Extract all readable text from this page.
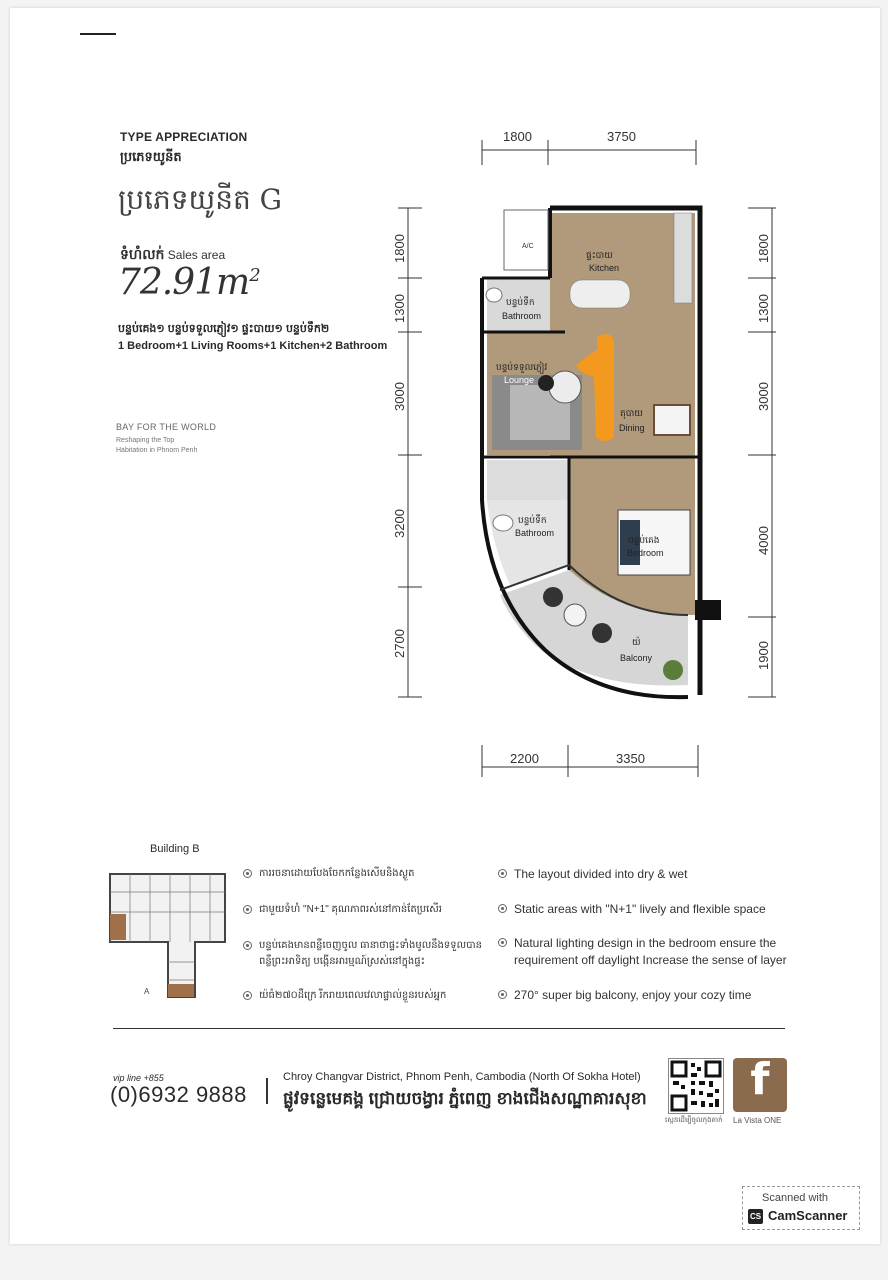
TYPE APPRECIATION
ប្រភេទយូនីត
ប្រភេទយូនីត G
ទំហំលក់ Sales area
$72.91m^2$
បន្ទប់គេង១ បន្ទប់ទទួលភ្ញៀវ១ ផ្ទះបាយ១ បន្ទប់ទឹក២
1 Bedroom+1 Living Rooms+1 Kitchen+2 Bathroom
BAY FOR THE WORLD
Reshaping the Top
Habitation in Phnom Penh
1800	3750
1800
1300
3000
3200
2700
1800
1300
3000
4000
1900
2200	3350
A/C
ផ្ទះបាយ
Kitchen
បន្ទប់ទឹក
Bathroom
បន្ទប់ទទួលភ្ញៀវ
Lounge
តុបាយ
Dining
បន្ទប់ទឹក
Bathroom
បន្ទប់គេង
Bedroom
យ៉
Balcony
Building B
A
ការរចនាដោយបែងចែកកន្លែងសើមនិងស្ងួត
ជាមួយទំហំ "N+1" គុណភាពរស់នៅកាន់តែប្រសើរ
បន្ទប់គេងមានពន្លឺចេញចូល ធានាថាផ្ទះទាំងមូលនឹងទទួលបានពន្លឺព្រះអាទិត្យ បង្កើនអារម្មណ៍ស្រស់នៅក្នុងផ្ទះ
យ៉ធំ២៧០ដឺក្រេ រីករាយពេលវេលាផ្ទាល់ខ្លួនរបស់អ្នក
The layout divided into dry & wet
Static areas with "N+1" lively and flexible space
Natural lighting design in the bedroom ensure the requirement off daylight Increase the sense of layer
270° super big balcony, enjoy your cozy time
vip line +855
(0)6932 9888
Chroy Changvar District, Phnom Penh, Cambodia (North Of Sokha Hotel)
ផ្លូវទន្លេមេគង្គ ជ្រោយចង្វារ ភ្នំពេញ ខាងជើងសណ្ឋាគារសុខា
ស្កេនដើម្បីចូលកុងតាក់
f
La Vista ONE
Scanned with
CS CamScanner
